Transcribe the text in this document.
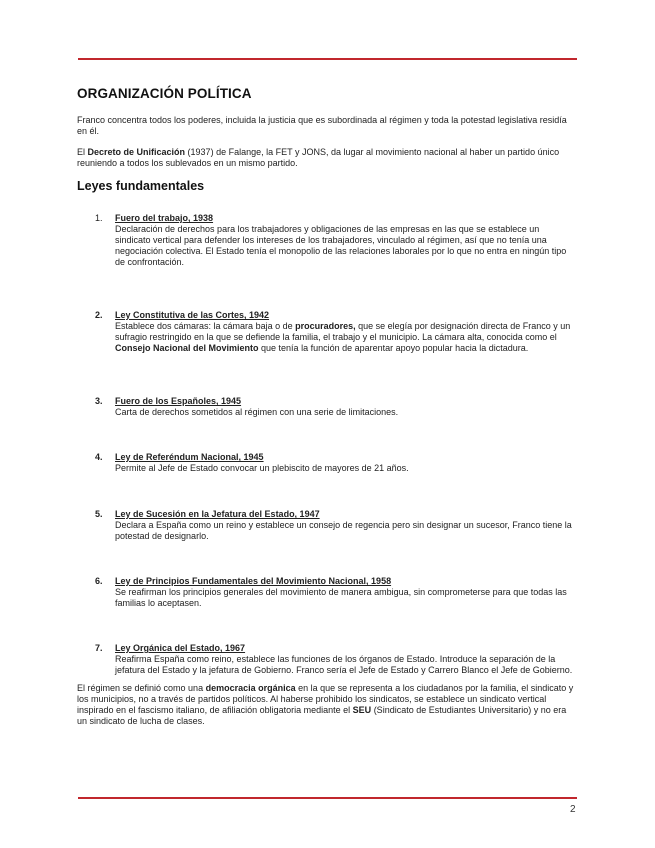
ORGANIZACIÓN POLÍTICA

Franco concentra todos los poderes, incluida la justicia que es subordinada al régimen y toda la potestad legislativa residía en él.

El Decreto de Unificación (1937) de Falange, la FET y JONS, da lugar al movimiento nacional al haber un partido único reuniendo a todos los sublevados en un mismo partido.

Leyes fundamentales
1.	Fuero del trabajo, 1938
Declaración de derechos para los trabajadores y obligaciones de las empresas en las que se establece un sindicato vertical para defender los intereses de los trabajadores, vinculado al régimen, así que no tenía una negociación colectiva. El Estado tenía el monopolio de las relaciones laborales por lo que no entra en ningún tipo de confrontación.
2.	Ley Constitutiva de las Cortes, 1942
Establece dos cámaras: la cámara baja o de procuradores, que se elegía por designación directa de Franco y un sufragio restringido en la que se defiende la familia, el trabajo y el municipio. La cámara alta, conocida como el Consejo Nacional del Movimiento que tenía la función de aparentar apoyo popular hacia la dictadura.
3.	Fuero de los Españoles, 1945
Carta de derechos sometidos al régimen con una serie de limitaciones.
4.	Ley de Referéndum Nacional, 1945
Permite al Jefe de Estado convocar un plebiscito de mayores de 21 años.
5.	Ley de Sucesión en la Jefatura del Estado, 1947
Declara a España como un reino y establece un consejo de regencia pero sin designar un sucesor, Franco tiene la potestad de designarlo.
6.	Ley de Principios Fundamentales del Movimiento Nacional, 1958
Se reafirman los principios generales del movimiento de manera ambigua, sin comprometerse para que todas las familias lo aceptasen.
7.	Ley Orgánica del Estado, 1967
Reafirma España como reino, establece las funciones de los órganos de Estado. Introduce la separación de la jefatura del Estado y la jefatura de Gobierno. Franco sería el Jefe de Estado y Carrero Blanco el Jefe de Gobierno.

El régimen se definió como una democracia orgánica en la que se representa a los ciudadanos por la familia, el sindicato y los municipios, no a través de partidos políticos. Al haberse prohibido los sindicatos, se establece un sindicato vertical inspirado en el fascismo italiano, de afiliación obligatoria mediante el SEU (Sindicato de Estudiantes Universitario) y no era un sindicato de lucha de clases.

2
